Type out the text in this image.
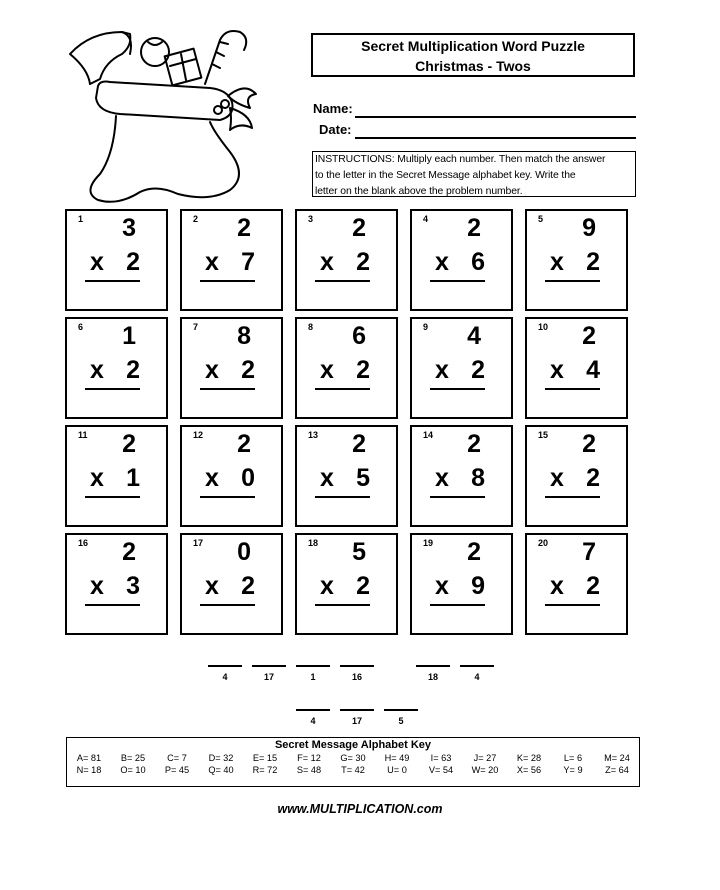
Secret Multiplication Word Puzzle
Christmas - Twos
Name:
Date:
INSTRUCTIONS: Multiply each number. Then match the answer
to the letter in the Secret Message alphabet key. Write the
letter on the blank above the problem number.
1 3
x 2
2 2
x 7
3 2
x 2
4 2
x 6
5 9
x 2
6 1
x 2
7 8
x 2
8 6
x 2
9 4
x 2
10 2
x 4
11 2
x 1
12 2
x 0
13 2
x 5
14 2
x 8
15 2
x 2
16 2
x 3
17 0
x 2
18 5
x 2
19 2
x 9
20 7
x 2
4	17	1	16	18	4
4	17	5
Secret Message Alphabet Key
A= 81	B= 25	C= 7	D= 32	E= 15	F= 12	G= 30	H= 49	I= 63	J= 27	K= 28	L= 6	M= 24
N= 18	O= 10	P= 45	Q= 40	R= 72	S= 48	T= 42	U= 0	V= 54	W= 20	X= 56	Y= 9	Z= 64
www.MULTIPLICATION.com
